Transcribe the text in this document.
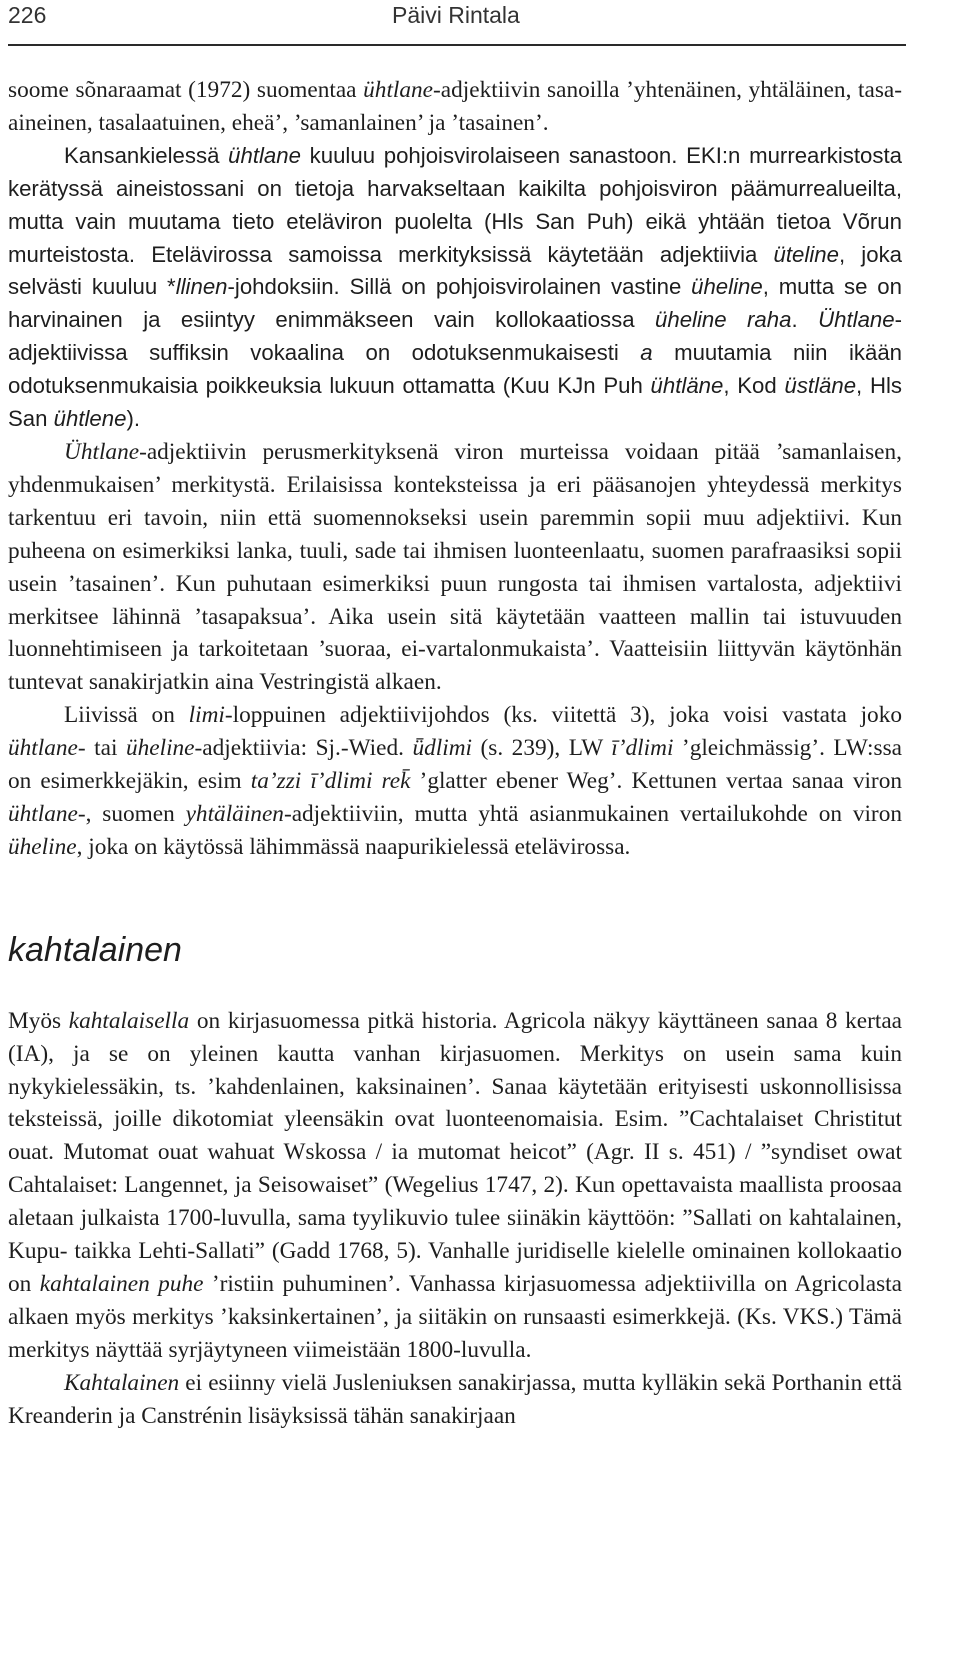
226	Päivi Rintala

soome sõnaraamat (1972) suomentaa ühtlane-adjektiivin sanoilla ’yhtenäinen, yhtäläinen, tasa-aineinen, tasalaatuinen, eheä’, ’samanlainen’ ja ’tasainen’.

Kansankielessä ühtlane kuuluu pohjoisvirolaiseen sanastoon. EKI:n murrearkistosta kerätyssä aineistossani on tietoja harvakseltaan kaikilta pohjoisviron päämurrealueilta, mutta vain muutama tieto eteläviron puolelta (Hls San Puh) eikä yhtään tietoa Võrun murteistosta. Etelävirossa samoissa merkityksissä käytetään adjektiivia üteline, joka selvästi kuuluu *llinen-johdoksiin. Sillä on pohjoisvirolainen vastine üheline, mutta se on harvinainen ja esiintyy enimmäkseen vain kollokaatiossa üheline raha. Ühtlane-adjektiivissa suffiksin vokaalina on odotuksenmukaisesti a muutamia niin ikään odotuksenmukaisia poikkeuksia lukuun ottamatta (Kuu KJn Puh ühtläne, Kod üstläne, Hls San ühtlene).

Ühtlane-adjektiivin perusmerkityksenä viron murteissa voidaan pitää ’samanlaisen, yhdenmukaisen’ merkitystä. Erilaisissa konteksteissa ja eri pääsanojen yhteydessä merkitys tarkentuu eri tavoin, niin että suomennokseksi usein paremmin sopii muu adjektiivi. Kun puheena on esimerkiksi lanka, tuuli, sade tai ihmisen luonteenlaatu, suomen parafraasiksi sopii usein ’tasainen’. Kun puhutaan esimerkiksi puun rungosta tai ihmisen vartalosta, adjektiivi merkitsee lähinnä ’tasapaksua’. Aika usein sitä käytetään vaatteen mallin tai istuvuuden luonnehtimiseen ja tarkoitetaan ’suoraa, ei-vartalonmukaista’. Vaatteisiin liittyvän käytönhän tuntevat sanakirjatkin aina Vestringistä alkaen.

Liivissä on limi-loppuinen adjektiivijohdos (ks. viitettä 3), joka voisi vastata joko ühtlane- tai üheline-adjektiivia: Sj.-Wied. ǖdlimi (s. 239), LW ī’dlimi ’gleichmässig’. LW:ssa on esimerkkejäkin, esim ta’zzi ī’dlimi rek̄ ’glatter ebener Weg’. Kettunen vertaa sanaa viron ühtlane-, suomen yhtäläinen-adjektiiviin, mutta yhtä asianmukainen vertailukohde on viron üheline, joka on käytössä lähimmässä naapurikielessä etelävirossa.

kahtalainen

Myös kahtalaisella on kirjasuomessa pitkä historia. Agricola näkyy käyttäneen sanaa 8 kertaa (IA), ja se on yleinen kautta vanhan kirjasuomen. Merkitys on usein sama kuin nykykielessäkin, ts. ’kahdenlainen, kaksinainen’. Sanaa käytetään erityisesti uskonnollisissa teksteissä, joille dikotomiat yleensäkin ovat luonteenomaisia. Esim. ”Cachtalaiset Christitut ouat. Mutomat ouat wahuat Wskossa / ia mutomat heicot” (Agr. II s. 451) / ”syndiset owat Cahtalaiset: Langennet, ja Seisowaiset” (Wegelius 1747, 2). Kun opettavaista maallista proosaa aletaan julkaista 1700-luvulla, sama tyylikuvio tulee siinäkin käyttöön: ”Sallati on kahtalainen, Kupu- taikka Lehti-Sallati” (Gadd 1768, 5). Vanhalle juridiselle kielelle ominainen kollokaatio on kahtalainen puhe ’ristiin puhuminen’. Vanhassa kirjasuomessa adjektiivilla on Agricolasta alkaen myös merkitys ’kaksinkertainen’, ja siitäkin on runsaasti esimerkkejä. (Ks. VKS.) Tämä merkitys näyttää syrjäytyneen viimeistään 1800-luvulla.

Kahtalainen ei esiinny vielä Jusleniuksen sanakirjassa, mutta kylläkin sekä Porthanin että Kreanderin ja Canstrénin lisäyksissä tähän sanakirjaan
